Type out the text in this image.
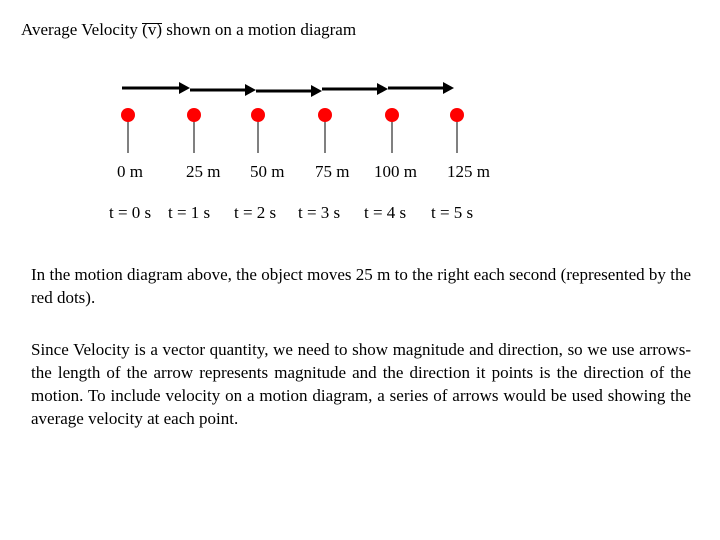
Average Velocity (v) shown on a motion diagram
0 m	25 m 50 m 75 m 100 m 125 m
t = 0 s t = 1 s t = 2 s t = 3 s t = 4 s t = 5 s

In the motion diagram above, the object moves 25 m to the right each second (represented by the red dots).

Since Velocity is a vector quantity, we need to show magnitude and direction, so we use arrows-the length of the arrow represents magnitude and the direction it points is the direction of the motion. To include velocity on a motion diagram, a series of arrows would be used showing the average velocity at each point.
